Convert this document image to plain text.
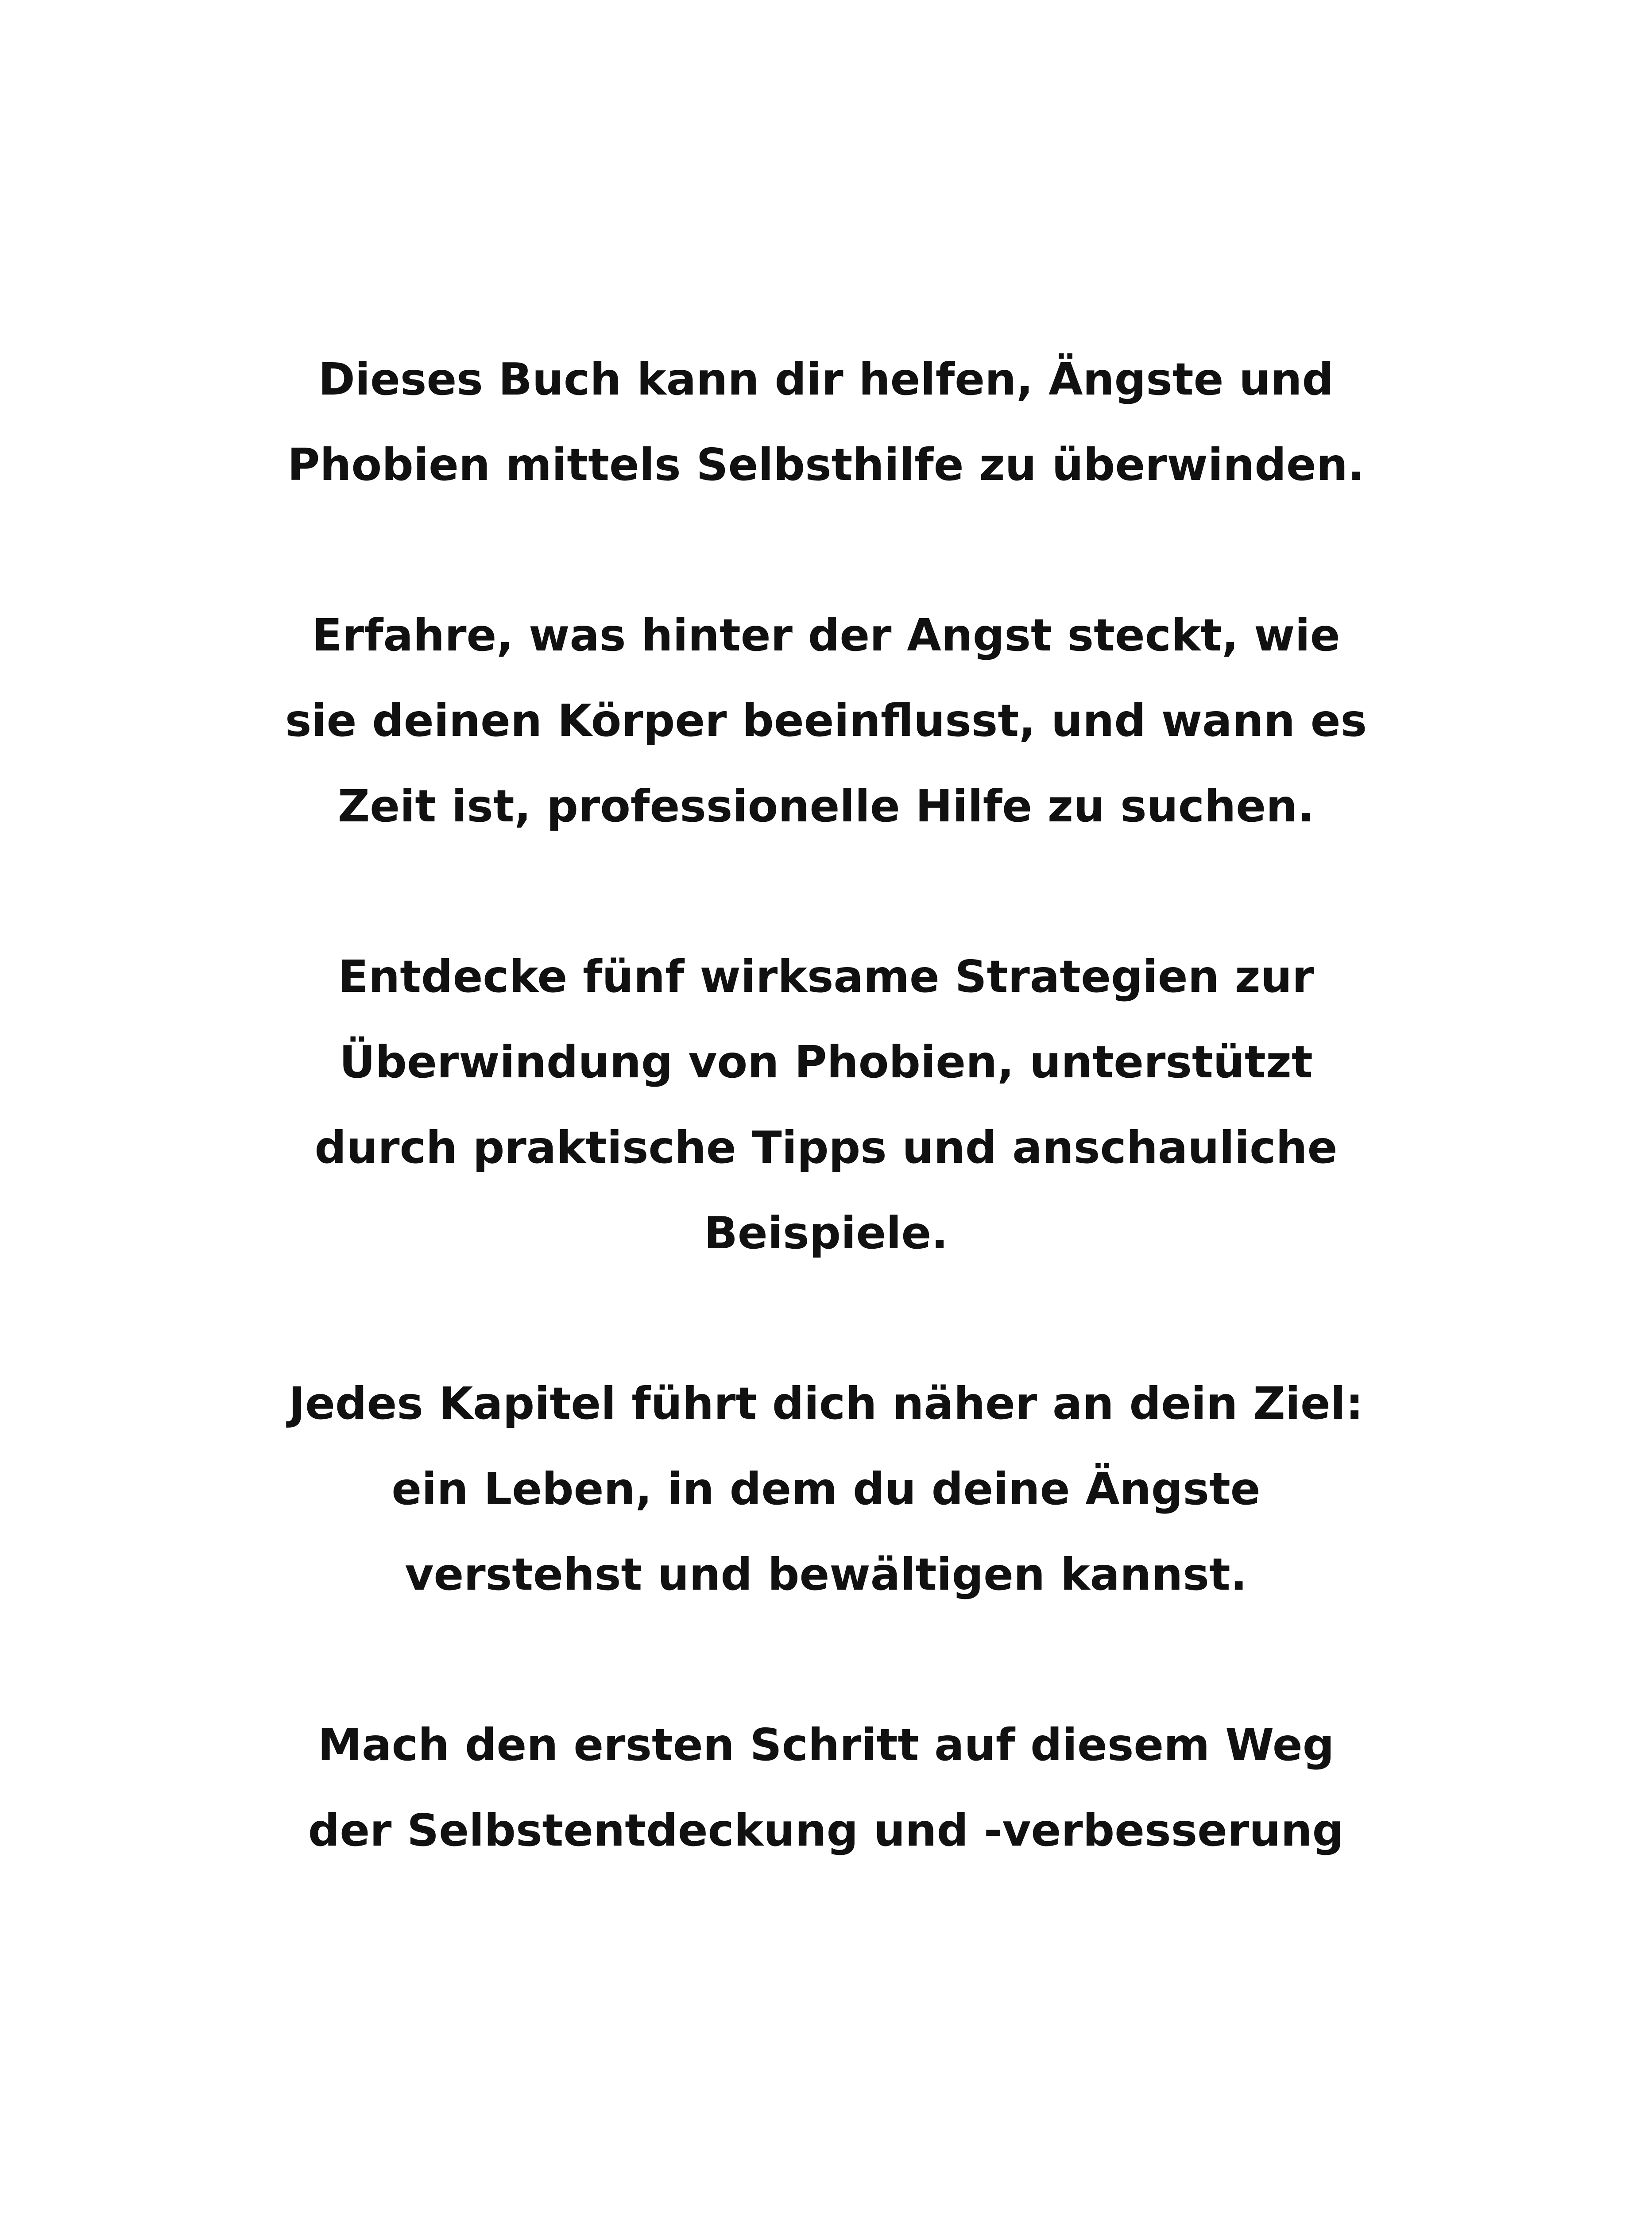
Dieses Buch kann dir helfen, Ängste und
Phobien mittels Selbsthilfe zu überwinden.

Erfahre, was hinter der Angst steckt, wie
sie deinen Körper beeinflusst, und wann es
Zeit ist, professionelle Hilfe zu suchen.

Entdecke fünf wirksame Strategien zur
Überwindung von Phobien, unterstützt
durch praktische Tipps und anschauliche
Beispiele.

Jedes Kapitel führt dich näher an dein Ziel:
ein Leben, in dem du deine Ängste
verstehst und bewältigen kannst.

Mach den ersten Schritt auf diesem Weg
der Selbstentdeckung und -verbesserung
